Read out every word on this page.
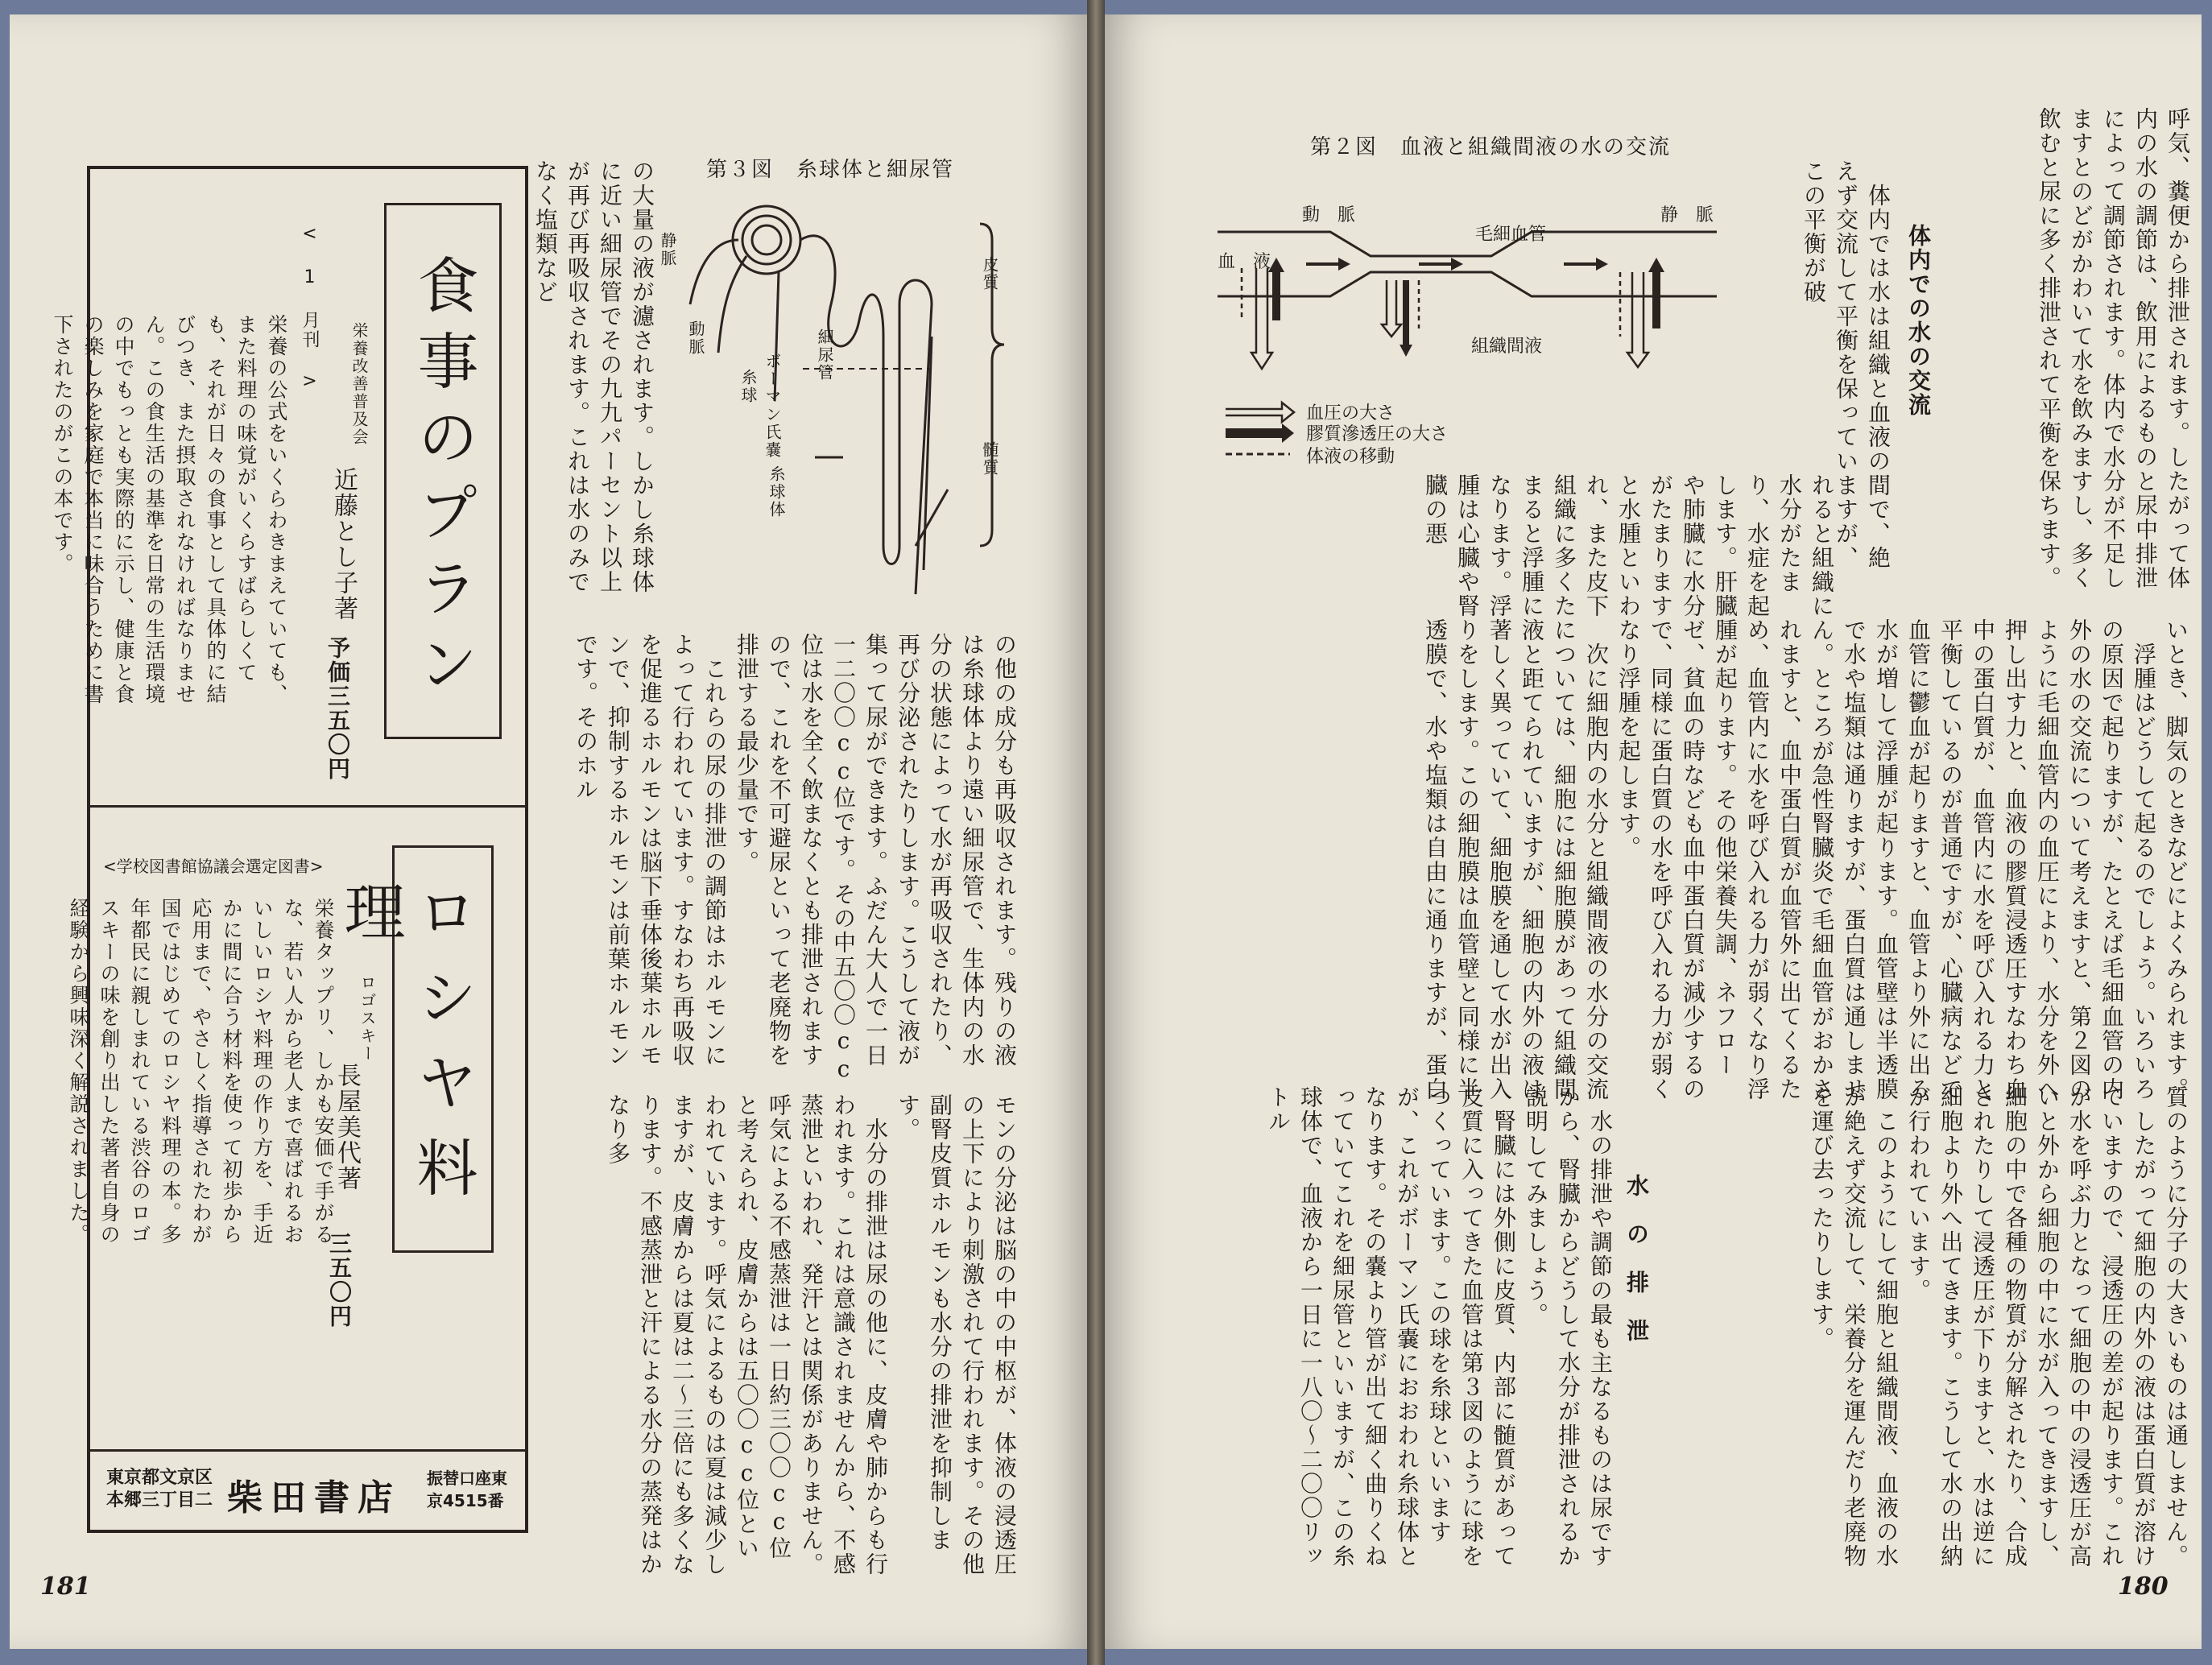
食事のプラン
栄養改善普及会
近藤とし子著
予価三五〇円
< 1 月刊 >
栄養の公式をいくらわきまえていても、また料理の味覚がいくらすばらしくても、それが日々の食事として具体的に結びつき、また摂取されなければなりません。この食生活の基準を日常の生活環境の中でもっとも実際的に示し、健康と食の楽しみを家庭で本当に味合うために書下されたのがこの本です。
<学校図書館協議会選定図書>
ロシヤ料理
ロゴスキー
長屋美代著
三五〇円
栄養タップリ、しかも安価で手がるな、若い人から老人まで喜ばれるおいしいロシヤ料理の作り方を、手近かに間に合う材料を使って初歩から応用まで、やさしく指導されたわが国ではじめてのロシヤ料理の本。多年都民に親しまれている渋谷のロゴスキーの味を創り出した著者自身の経験から興味深く解説されました。
東京都文京区本郷三丁目二 柴田書店 振替口座東京4515番
第３図　糸球体と細尿管
静脈
動脈
ボーマン氏嚢
糸球
糸球体
細尿管
皮質
髄質
の大量の液が濾されます。しかし糸球体に近い細尿管でその九九パーセント以上が再び再吸収されます。これは水のみでなく塩類など
の他の成分も再吸収されます。残りの液は糸球体より遠い細尿管で、生体内の水分の状態によって水が再吸収されたり、再び分泌されたりします。こうして液が集って尿ができます。ふだん大人で一日一二〇〇cc位です。その中五〇〇cc位は水を全く飲まなくとも排泄されますので、これを不可避尿といって老廃物を排泄する最少量です。
　これらの尿の排泄の調節はホルモンによって行われています。すなわち再吸収を促進るホルモンは脳下垂体後葉ホルモンで、抑制するホルモンは前葉ホルモンです。そのホル
モンの分泌は脳の中の中枢が、体液の浸透圧の上下により刺激されて行われます。その他副腎皮質ホルモンも水分の排泄を抑制します。
　水分の排泄は尿の他に、皮膚や肺からも行われます。これは意識されませんから、不感蒸泄といわれ、発汗とは関係がありません。呼気による不感蒸泄は一日約三〇〇cc位と考えられ、皮膚からは五〇〇cc位といわれています。呼気によるものは夏は減少しますが、皮膚からは夏は二〜三倍にも多くなります。不感蒸泄と汗による水分の蒸発はかなり多
181
第２図　血液と組織間液の水の交流
動　脈
毛細血管
静　脈
血　液
組織間液
血圧の大さ
膠質滲透圧の大さ
体液の移動
体内での水の交流
水　の　排　泄
呼気、糞便から排泄されます。したがって体内の水の調節は、飲用によるものと尿中排泄によって調節されます。体内で水分が不足しますとのどがかわいて水を飲みますし、多く飲むと尿に多く排泄されて平衡を保ちます。
　体内では水は組織と血液の間で、絶えず交流して平衡を保っていますが、この平衡が破
れると組織に水分がたまり、水症を起します。肝臓や肺臓に水分がたまりますと水腫といわれ、また皮下組織に多くたまると浮腫になります。浮腫は心臓や腎臓の悪
いとき、脚気のときなどによくみられます。
　浮腫はどうして起るのでしょう。いろいろの原因で起りますが、たとえば毛細血管の内外の水の交流について考えますと、第２図のように毛細血管内の血圧により、水分を外へ押し出す力と、血液の膠質浸透圧すなわち血中の蛋白質が、血管内に水を呼び入れる力と平衡しているのが普通ですが、心臓病などで血管に鬱血が起りますと、血管より外に出る水が増して浮腫が起ります。血管壁は半透膜で水や塩類は通りますが、蛋白質は通しません。ところが急性腎臓炎で毛細血管がおかされますと、血中蛋白質が血管外に出てくるため、血管内に水を呼び入れる力が弱くなり浮腫が起ります。その他栄養失調、ネフローゼ、貧血の時なども血中蛋白質が減少するので、同様に蛋白質の水を呼び入れる力が弱くなり浮腫を起します。
　次に細胞内の水分と組織間液の水分の交流については、細胞には細胞膜があって組織間液と距てられていますが、細胞の内外の液は著しく異っていて、細胞膜を通して水が出入りをします。この細胞膜は血管壁と同様に半透膜で、水や塩類は自由に通りますが、蛋白
質のように分子の大きいものは通しません。
　したがって細胞の内外の液は蛋白質が溶けていますので、浸透圧の差が起ります。これが水を呼ぶ力となって細胞の中の浸透圧が高いと外から細胞の中に水が入ってきますし、細胞の中で各種の物質が分解されたり、合成されたりして浸透圧が下りますと、水は逆に細胞より外へ出てきます。こうして水の出納が行われています。
　このようにして細胞と組織間液、血液の水が絶えず交流して、栄養分を運んだり老廃物を運び去ったりします。
　水の排泄や調節の最も主なるものは尿ですから、腎臓からどうして水分が排泄されるか説明してみましょう。
　腎臓には外側に皮質、内部に髄質があって皮質に入ってきた血管は第３図のように球をつくっています。この球を糸球といいますが、これがボーマン氏嚢におおわれ糸球体となります。その嚢より管が出て細く曲りくねっていてこれを細尿管といいますが、この糸球体で、血液から一日に一八〇〜二〇〇リットル
180
